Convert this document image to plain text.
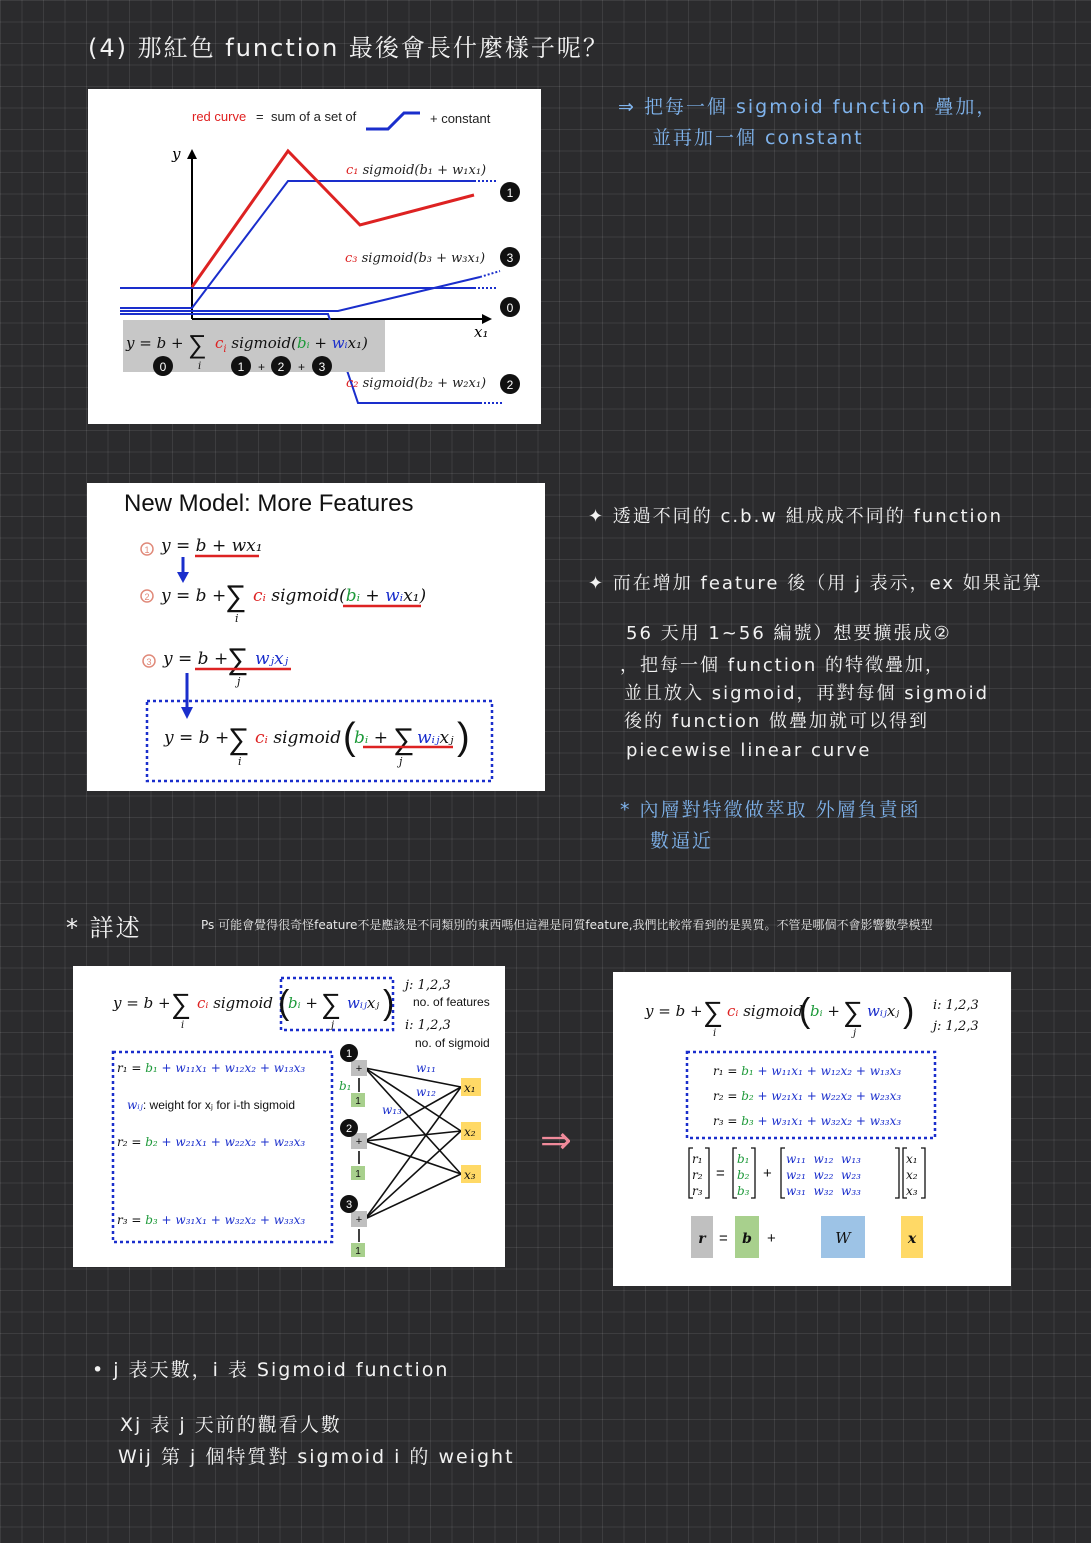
(4) 那紅色 function 最後會長什麼樣子呢？
red curve = sum of a set of	+ constant
y
x₁
c₁ sigmoid(b₁ + w₁x₁)
1
c₃ sigmoid(b₃ + w₃x₁) 3
0
c₂ sigmoid(b₂ + w₂x₁) 2
y = b + ∑
i
$c_i$ sigmoid(bᵢ + wᵢx₁)
0	1 + 2 + 3
⇒ 把每一個 sigmoid function 疊加，
並再加一個 constant
New Model: More Features
1
2
3
y = b + wx₁
y = b +
∑
i
cᵢ sigmoid(bᵢ + wᵢx₁)
y = b +
∑
j
wⱼxⱼ
y = b +
∑
i
cᵢ sigmoid (
bᵢ + ∑
j
wᵢⱼxⱼ )
✦ 透過不同的 c.b.w 組成成不同的 function
✦ 而在增加 feature 後（用 j 表示，ex 如果記算
56 天用 1~56 編號）想要擴張成②
，把每一個 function 的特徵疊加，
並且放入 sigmoid，再對每個 sigmoid
後的 function 做疊加就可以得到
piecewise linear curve
* 內層對特徵做萃取 外層負責函
數逼近
* 詳述	Ps 可能會覺得很奇怪feature不是應該是不同類別的東西嗎但這裡是同質feature,我們比較常看到的是異質。不管是哪個不會影響數學模型
y = b + ∑
i
cᵢ sigmoid (
bᵢ + ∑
j
wᵢⱼxⱼ ) j: 1,2,3
no. of features
i: 1,2,3
no. of sigmoid
r₁ = b₁ + w₁₁x₁ + w₁₂x₂ + w₁₃x₃
wᵢⱼ: weight for xⱼ for i-th sigmoid
r₂ = b₂ + w₂₁x₁ + w₂₂x₂ + w₂₃x₃
r₃ = b₃ + w₃₁x₁ + w₃₂x₂ + w₃₃x₃
+
+
+
1
1
1
1
2
3
x₁
x₂
x₃
w₁₁
w₁₂
w₁₃
b₁
⇒
y = b + ∑
i
cᵢ sigmoid
( bᵢ + ∑
j
wᵢⱼxⱼ ) i: 1,2,3
j: 1,2,3
r₁ = b₁ + w₁₁x₁ + w₁₂x₂ + w₁₃x₃
r₂ = b₂ + w₂₁x₁ + w₂₂x₂ + w₂₃x₃
r₃ = b₃ + w₃₁x₁ + w₃₂x₂ + w₃₃x₃
r₁
r₂
r₃
=
b₁
b₂
b₃
+
w₁₁  w₁₂  w₁₃
w₂₁  w₂₂  w₂₃
w₃₁  w₃₂  w₃₃
x₁
x₂
x₃
r = b +	W	x
• j 表天數，i 表 Sigmoid function
Xj 表 j 天前的觀看人數
Wij 第 j 個特質對 sigmoid i 的 weight
